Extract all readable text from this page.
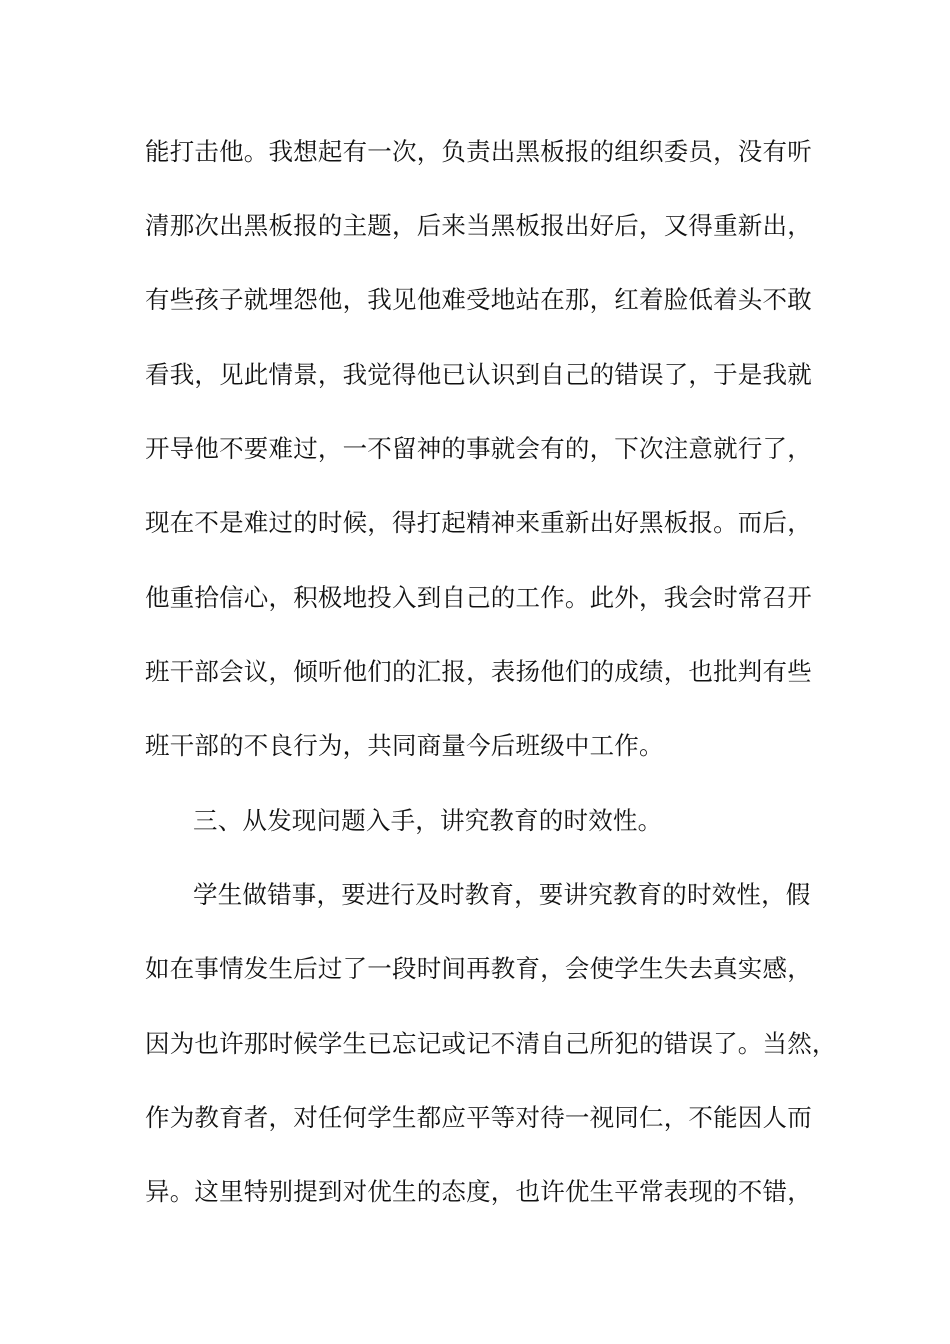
能打击他。我想起有一次，负责出黑板报的组织委员，没有听
清那次出黑板报的主题，后来当黑板报出好后，又得重新出，
有些孩子就埋怨他，我见他难受地站在那，红着脸低着头不敢
看我，见此情景，我觉得他已认识到自己的错误了，于是我就
开导他不要难过，一不留神的事就会有的，下次注意就行了，
现在不是难过的时候，得打起精神来重新出好黑板报。而后，
他重拾信心，积极地投入到自己的工作。此外，我会时常召开
班干部会议，倾听他们的汇报，表扬他们的成绩，也批判有些
班干部的不良行为，共同商量今后班级中工作。
三、从发现问题入手，讲究教育的时效性。
学生做错事，要进行及时教育，要讲究教育的时效性，假
如在事情发生后过了一段时间再教育，会使学生失去真实感，
因为也许那时候学生已忘记或记不清自己所犯的错误了。当然，
作为教育者，对任何学生都应平等对待一视同仁，不能因人而
异。这里特别提到对优生的态度，也许优生平常表现的不错，
